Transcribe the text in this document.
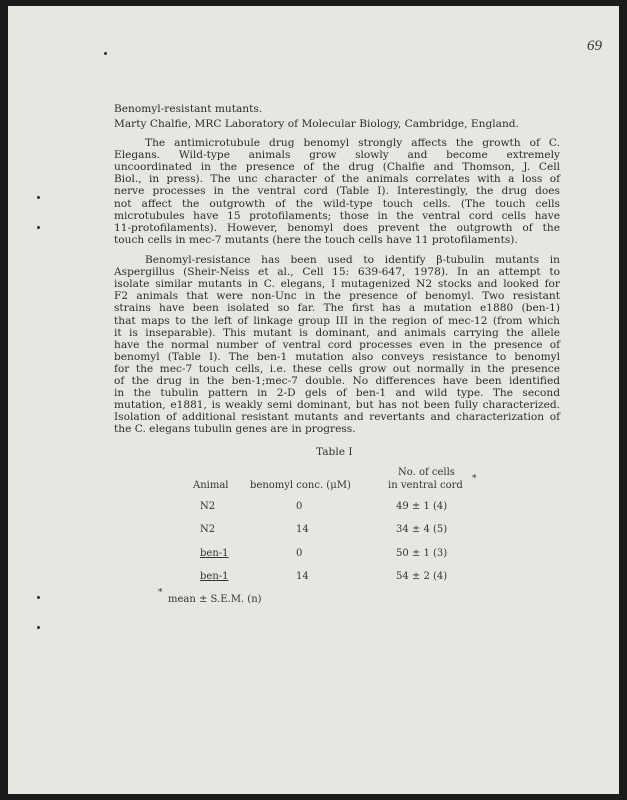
69
Benomyl-resistant mutants.
Marty Chalfie, MRC Laboratory of Molecular Biology, Cambridge, England.
The antimicrotubule drug benomyl strongly affects the growth of C.
Elegans. Wild-type animals grow slowly and become extremely
uncoordinated in the presence of the drug (Chalfie and Thomson, J. Cell
Biol., in press). The unc character of the animals correlates with a loss of
nerve processes in the ventral cord (Table I). Interestingly, the drug does
not affect the outgrowth of the wild-type touch cells. (The touch cells
microtubules have 15 protofilaments; those in the ventral cord cells have
11-protofilaments). However, benomyl does prevent the outgrowth of the
touch cells in mec-7 mutants (here the touch cells have 11 protofilaments).
Benomyl-resistance has been used to identify β-tubulin mutants in
Aspergillus (Sheir-Neiss et al., Cell 15: 639-647, 1978). In an attempt to
isolate similar mutants in C. elegans, I mutagenized N2 stocks and looked for
F2 animals that were non-Unc in the presence of benomyl. Two resistant
strains have been isolated so far. The first has a mutation e1880 (ben-1)
that maps to the left of linkage group III in the region of mec-12 (from which
it is inseparable). This mutant is dominant, and animals carrying the allele
have the normal number of ventral cord processes even in the presence of
benomyl (Table I). The ben-1 mutation also conveys resistance to benomyl
for the mec-7 touch cells, i.e. these cells grow out normally in the presence
of the drug in the ben-1;mec-7 double. No differences have been identified
in the tubulin pattern in 2-D gels of ben-1 and wild type. The second
mutation, e1881, is weakly semi dominant, but has not been fully characterized.
Isolation of additional resistant mutants and revertants and characterization of
the C. elegans tubulin genes are in progress.
Table I
Animal benomyl conc. (μM)
No. of cells
in ventral cord
*
N2	0	49 ± 1 (4)
N2	14	34 ± 4 (5)
ben-1	0	50 ± 1 (3)
ben-1	14	54 ± 2 (4)
*
mean ± S.E.M. (n)
